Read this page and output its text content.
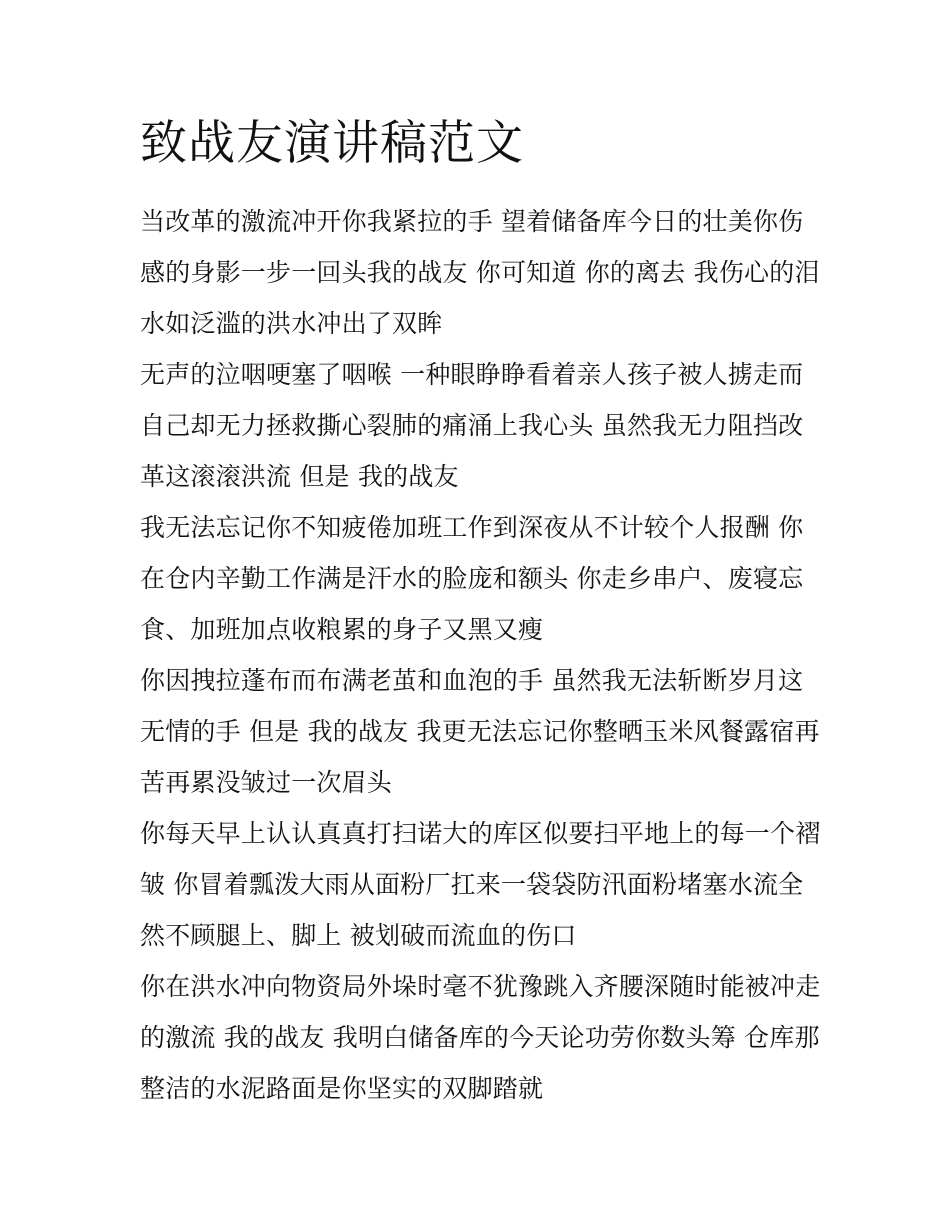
致战友演讲稿范文

当改革的激流冲开你我紧拉的手 望着储备库今日的壮美你伤
感的身影一步一回头我的战友 你可知道 你的离去 我伤心的泪
水如泛滥的洪水冲出了双眸

无声的泣咽哽塞了咽喉 一种眼睁睁看着亲人孩子被人掳走而
自己却无力拯救撕心裂肺的痛涌上我心头 虽然我无力阻挡改
革这滚滚洪流 但是 我的战友

我无法忘记你不知疲倦加班工作到深夜从不计较个人报酬 你
在仓内辛勤工作满是汗水的脸庞和额头 你走乡串户、废寝忘
食、加班加点收粮累的身子又黑又瘦

你因拽拉蓬布而布满老茧和血泡的手 虽然我无法斩断岁月这
无情的手 但是 我的战友 我更无法忘记你整晒玉米风餐露宿再
苦再累没皱过一次眉头

你每天早上认认真真打扫诺大的库区似要扫平地上的每一个褶
皱 你冒着瓢泼大雨从面粉厂扛来一袋袋防汛面粉堵塞水流全
然不顾腿上、脚上 被划破而流血的伤口

你在洪水冲向物资局外垛时毫不犹豫跳入齐腰深随时能被冲走
的激流 我的战友 我明白储备库的今天论功劳你数头筹 仓库那
整洁的水泥路面是你坚实的双脚踏就
